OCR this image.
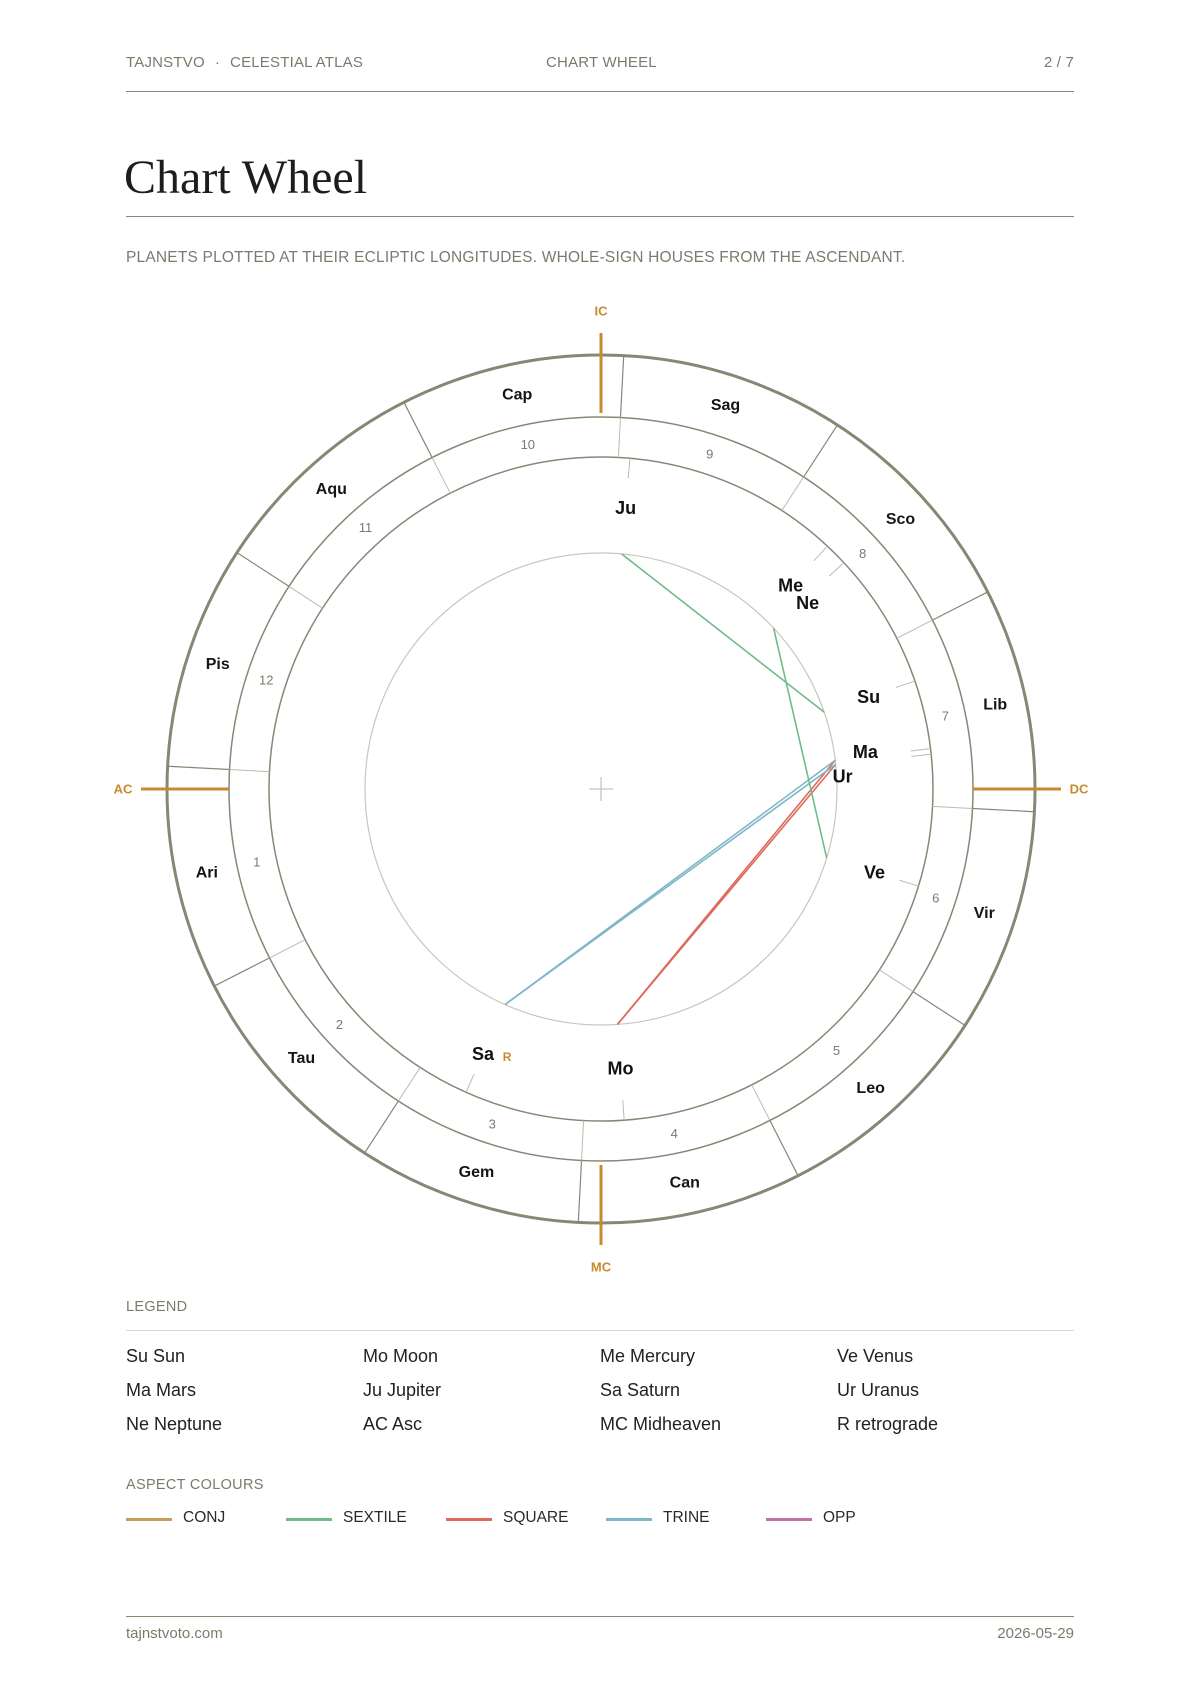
TAJNSTVO · CELESTIAL ATLAS	CHART WHEEL	2 / 7
Chart Wheel
PLANETS PLOTTED AT THEIR ECLIPTIC LONGITUDES. WHOLE-SIGN HOUSES FROM THE ASCENDANT.
Ari
Tau
Gem
Can
Leo
Vir
Lib
Sco
Sag
Cap
Aqu
Pis
1
2
3
4
5
6
7
8
9
10
11
12
AC	DC
MC
IC
Mo
Sa R
Ve
Ma
Ur
Su
Me
Ne
Ju
LEGEND
Su Sun	Mo Moon	Me Mercury	Ve Venus
Ma Mars	Ju Jupiter	Sa Saturn	Ur Uranus
Ne Neptune	AC Asc	MC Midheaven	R retrograde
ASPECT COLOURS
CONJ	SEXTILE	SQUARE	TRINE	OPP
tajnstvoto.com	2026-05-29
